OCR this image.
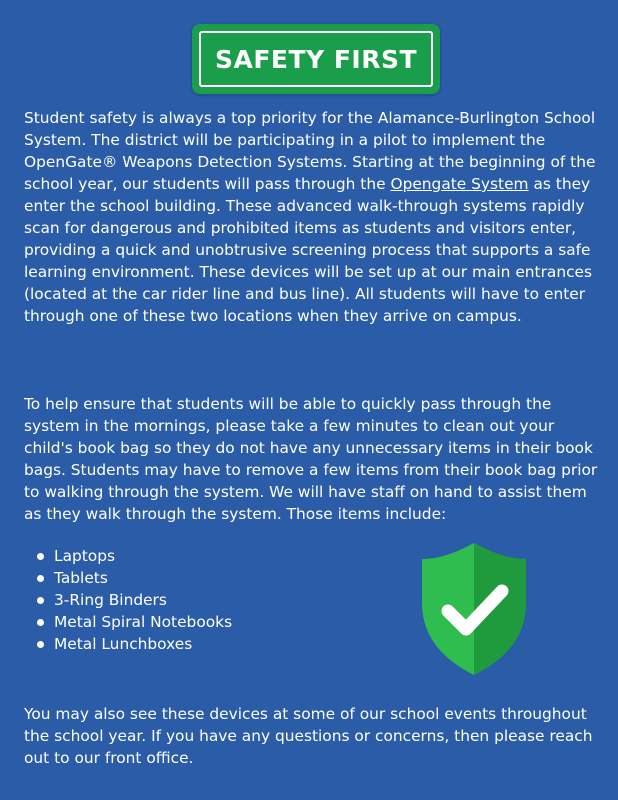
SAFETY FIRST

Student safety is always a top priority for the Alamance-Burlington School System. The district will be participating in a pilot to implement the OpenGate® Weapons Detection Systems. Starting at the beginning of the school year, our students will pass through the Opengate System as they enter the school building. These advanced walk-through systems rapidly scan for dangerous and prohibited items as students and visitors enter, providing a quick and unobtrusive screening process that supports a safe learning environment. These devices will be set up at our main entrances (located at the car rider line and bus line). All students will have to enter through one of these two locations when they arrive on campus.

To help ensure that students will be able to quickly pass through the system in the mornings, please take a few minutes to clean out your child's book bag so they do not have any unnecessary items in their book bags. Students may have to remove a few items from their book bag prior to walking through the system. We will have staff on hand to assist them as they walk through the system. Those items include:

Laptops
Tablets
3-Ring Binders
Metal Spiral Notebooks
Metal Lunchboxes

You may also see these devices at some of our school events throughout the school year. If you have any questions or concerns, then please reach out to our front office.
